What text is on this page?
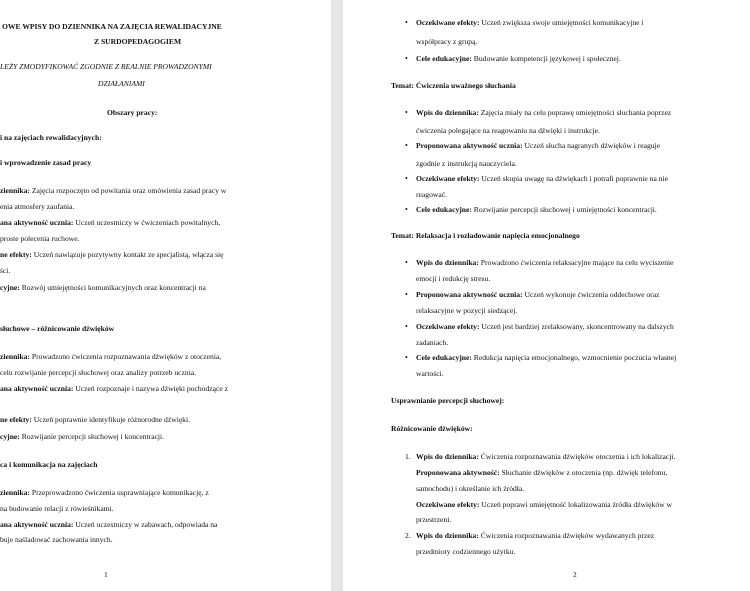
OWE WPISY DO DZIENNIKA NA ZAJĘCIA REWALIDACYJNE
Z SURDOPEDAGOGIEM
LEŻY ZMODYFIKOWAĆ ZGODNIE Z REALNIE PROWADZONYMI
DZIAŁANIAMI
Obszary pracy:
i na zajęciach rewalidacyjnych:
i wprowadzenie zasad pracy
ziennika: Zajęcia rozpoczęto od powitania oraz omówienia zasad pracy w
enia atmosfery zaufania.
ana aktywność ucznia: Uczeń uczestniczy w ćwiczeniach powitalnych,
proste polecenia ruchowe.
ne efekty: Uczeń nawiązuje pozytywny kontakt ze specjalistą, włącza się
ści.
cyjne: Rozwój umiejętności komunikacyjnych oraz koncentracji na
słuchowe – różnicowanie dźwięków
ziennika: Prowadzono ćwiczenia rozpoznawania dźwięków z otoczenia,
celu rozwijanie percepcji słuchowej oraz analizy potrzeb ucznia.
ana aktywność ucznia: Uczeń rozpoznaje i nazywa dźwięki pochodzące z
ne efekty: Uczeń poprawnie identyfikuje różnorodne dźwięki.
cyjne: Rozwijanie percepcji słuchowej i koncentracji.
ca i komunikacja na zajęciach
ziennika: Przeprowadzono ćwiczenia usprawniające komunikację, z
na budowanie relacji z rówieśnikami.
ana aktywność ucznia: Uczeń uczestniczy w zabawach, odpowiada na
buje naśladować zachowania innych.
1
• Oczekiwane efekty: Uczeń zwiększa swoje umiejętności komunikacyjne i
współpracy z grupą.
• Cele edukacyjne: Budowanie kompetencji językowej i społecznej.
Temat: Ćwiczenia uważnego słuchania
• Wpis do dziennika: Zajęcia miały na celu poprawę umiejętności słuchania poprzez
ćwiczenia polegające na reagowaniu na dźwięki i instrukcje.
• Proponowana aktywność ucznia: Uczeń słucha nagranych dźwięków i reaguje
zgodnie z instrukcją nauczyciela.
• Oczekiwane efekty: Uczeń skupia uwagę na dźwiękach i potrafi poprawnie na nie
reagować.
• Cele edukacyjne: Rozwijanie percepcji słuchowej i umiejętności koncentracji.
Temat: Relaksacja i rozładowanie napięcia emocjonalnego
• Wpis do dziennika: Prowadzono ćwiczenia relaksacyjne mające na celu wyciszenie
emocji i redukcję stresu.
• Proponowana aktywność ucznia: Uczeń wykonuje ćwiczenia oddechowe oraz
relaksacyjne w pozycji siedzącej.
• Oczekiwane efekty: Uczeń jest bardziej zrelaksowany, skoncentrowany na dalszych
zadaniach.
• Cele edukacyjne: Redukcja napięcia emocjonalnego, wzmocnienie poczucia własnej
wartości.
Usprawnianie percepcji słuchowej:
Różnicowanie dźwięków:
1. Wpis do dziennika: Ćwiczenia rozpoznawania dźwięków otoczenia i ich lokalizacji.
Proponowana aktywność: Słuchanie dźwięków z otoczenia (np. dźwięk telefonu,
samochodu) i określanie ich źródła.
Oczekiwane efekty: Uczeń poprawi umiejętność lokalizowania źródła dźwięków w
przestrzeni.
2. Wpis do dziennika: Ćwiczenia rozpoznawania dźwięków wydawanych przez
przedmioty codziennego użytku.
2
